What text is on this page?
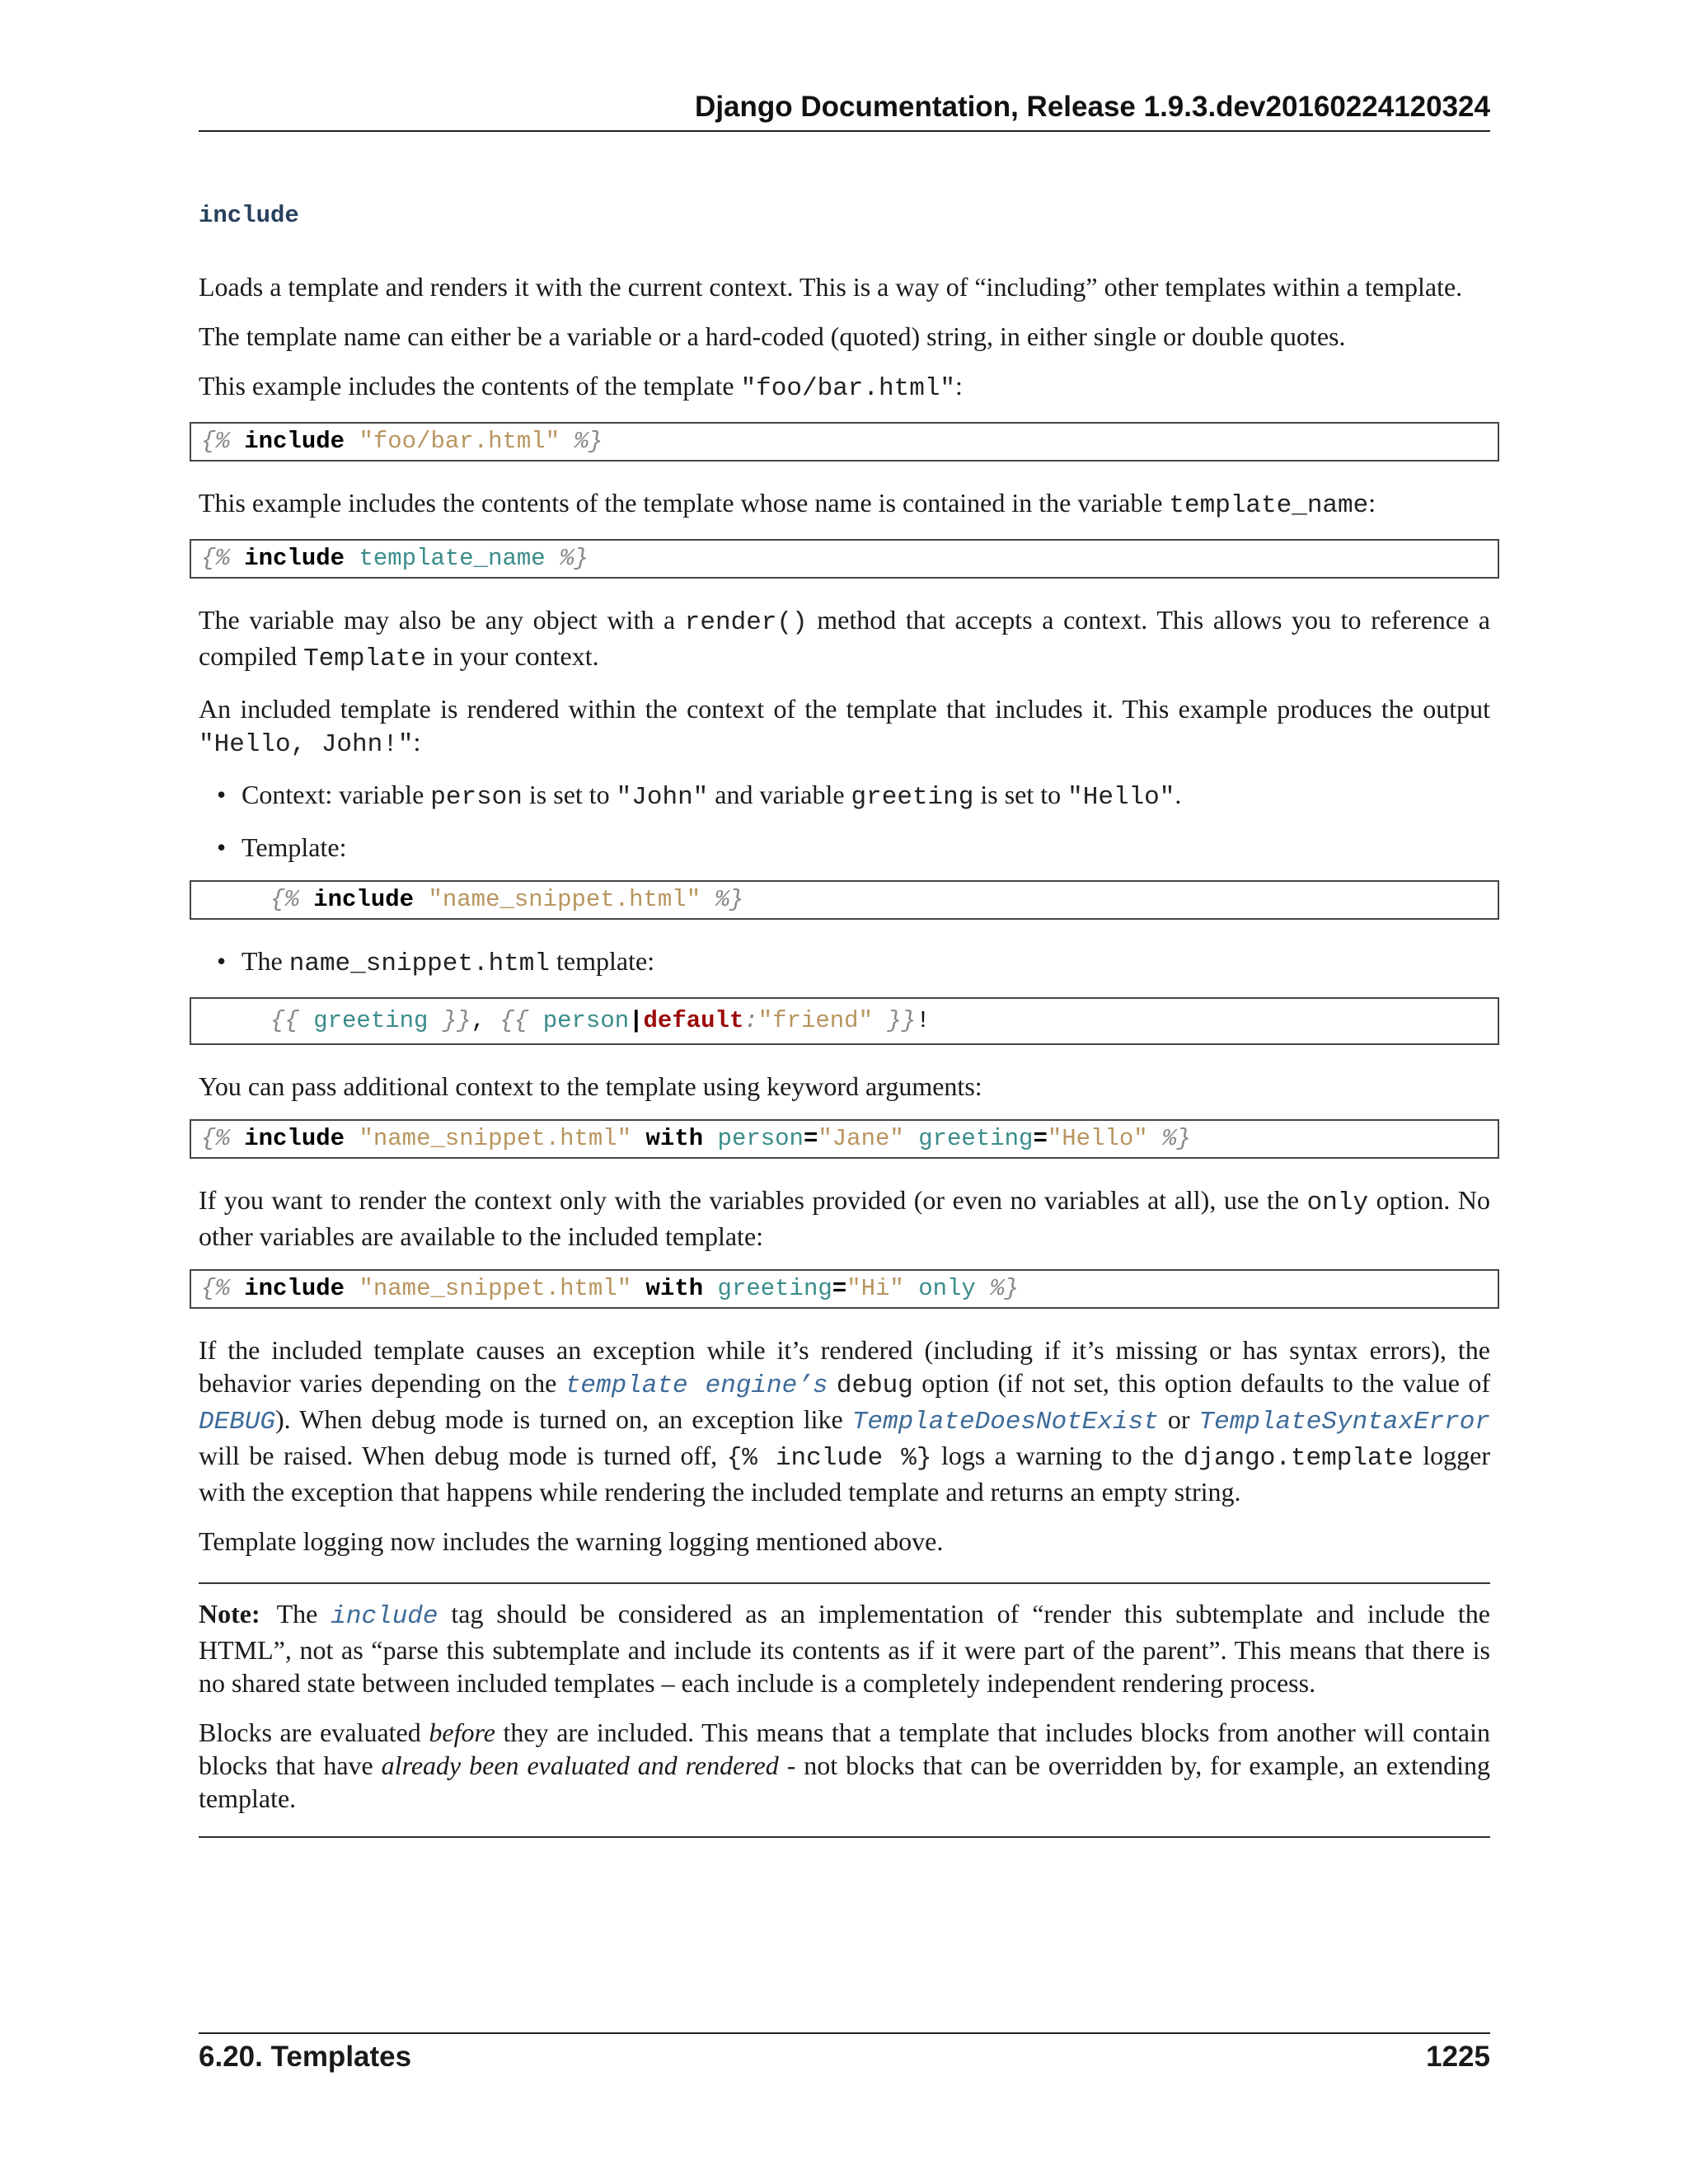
Django Documentation, Release 1.9.3.dev20160224120324
include

Loads a template and renders it with the current context. This is a way of “including” other templates within a template.

The template name can either be a variable or a hard-coded (quoted) string, in either single or double quotes.

This example includes the contents of the template "foo/bar.html":

{% include "foo/bar.html" %}

This example includes the contents of the template whose name is contained in the variable template_name:

{% include template_name %}

The variable may also be any object with a render() method that accepts a context. This allows you to reference a compiled Template in your context.

An included template is rendered within the context of the template that includes it. This example produces the output "Hello, John!":

• Context: variable person is set to "John" and variable greeting is set to "Hello".
• Template:
{% include "name_snippet.html" %}
• The name_snippet.html template:
{{ greeting }}, {{ person|default:"friend" }}!

You can pass additional context to the template using keyword arguments:

{% include "name_snippet.html" with person="Jane" greeting="Hello" %}

If you want to render the context only with the variables provided (or even no variables at all), use the only option. No other variables are available to the included template:

{% include "name_snippet.html" with greeting="Hi" only %}

If the included template causes an exception while it’s rendered (including if it’s missing or has syntax errors), the behavior varies depending on the template engine’s debug option (if not set, this option defaults to the value of DEBUG). When debug mode is turned on, an exception like TemplateDoesNotExist or TemplateSyntaxError will be raised. When debug mode is turned off, {% include %} logs a warning to the django.template logger with the exception that happens while rendering the included template and returns an empty string.

Template logging now includes the warning logging mentioned above.

Note: The include tag should be considered as an implementation of “render this subtemplate and include the HTML”, not as “parse this subtemplate and include its contents as if it were part of the parent”. This means that there is no shared state between included templates – each include is a completely independent rendering process.

Blocks are evaluated before they are included. This means that a template that includes blocks from another will contain blocks that have already been evaluated and rendered - not blocks that can be overridden by, for example, an extending template.

6.20. Templates	1225
